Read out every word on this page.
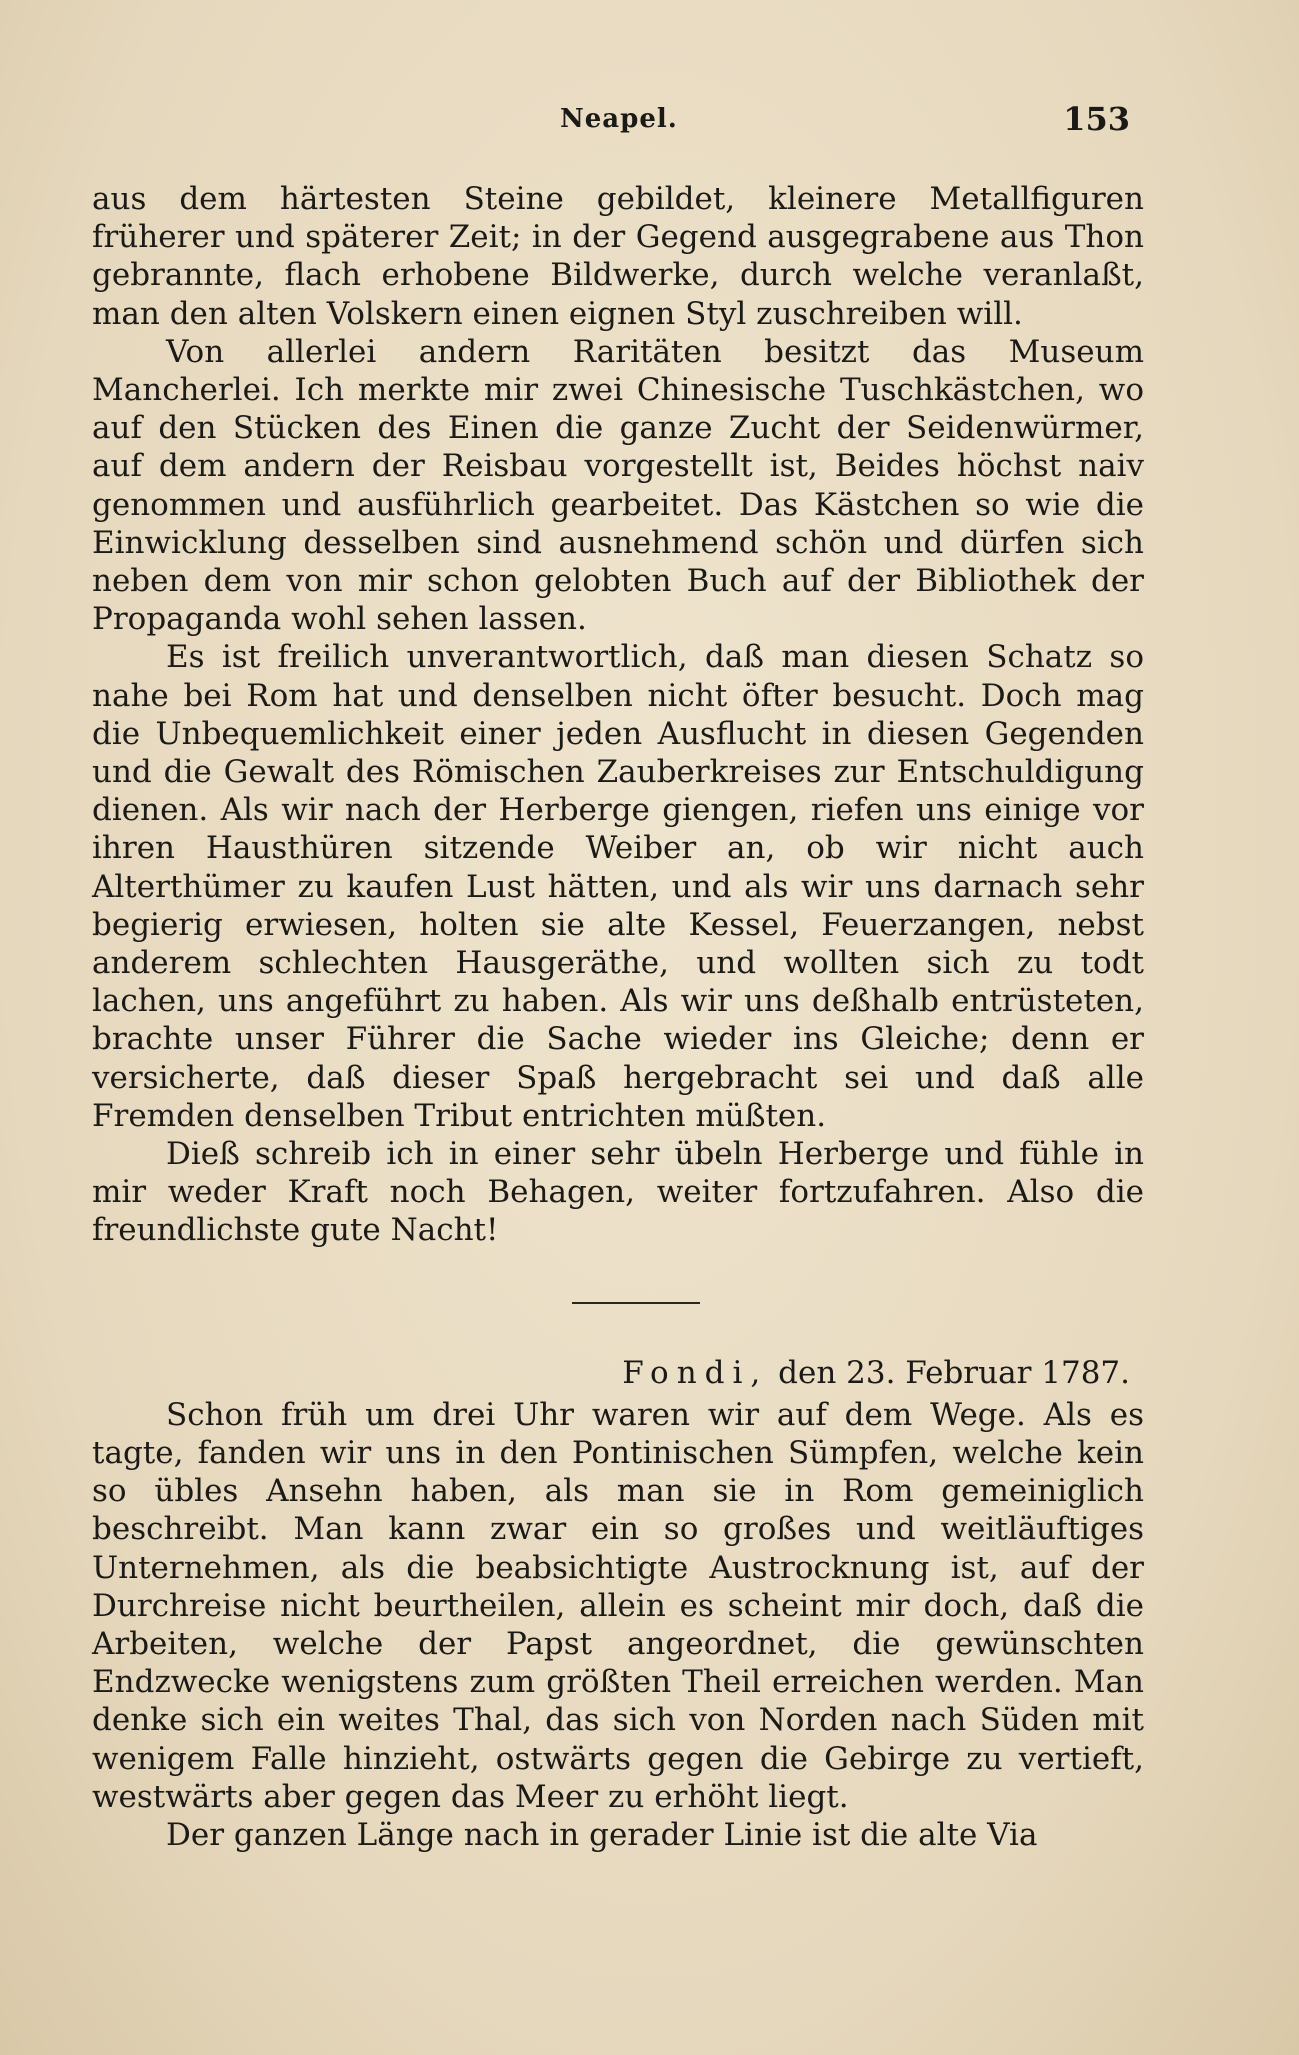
Neapel.	153

aus dem härtesten Steine gebildet, kleinere Metallfiguren früherer und späterer Zeit; in der Gegend ausgegrabene aus Thon gebrannte, flach erhobene Bildwerke, durch welche veranlaßt, man den alten Volskern einen eignen Styl zuschreiben will.

Von allerlei andern Raritäten besitzt das Museum Mancherlei. Ich merkte mir zwei Chinesische Tuschkästchen, wo auf den Stücken des Einen die ganze Zucht der Seidenwürmer, auf dem andern der Reisbau vorgestellt ist, Beides höchst naiv genommen und ausführlich gearbeitet. Das Kästchen so wie die Einwicklung desselben sind ausnehmend schön und dürfen sich neben dem von mir schon gelobten Buch auf der Bibliothek der Propaganda wohl sehen lassen.

Es ist freilich unverantwortlich, daß man diesen Schatz so nahe bei Rom hat und denselben nicht öfter besucht. Doch mag die Unbequemlichkeit einer jeden Ausflucht in diesen Gegenden und die Gewalt des Römischen Zauberkreises zur Entschuldigung dienen. Als wir nach der Herberge giengen, riefen uns einige vor ihren Hausthüren sitzende Weiber an, ob wir nicht auch Alterthümer zu kaufen Lust hätten, und als wir uns darnach sehr begierig erwiesen, holten sie alte Kessel, Feuerzangen, nebst anderem schlechten Hausgeräthe, und wollten sich zu todt lachen, uns angeführt zu haben. Als wir uns deßhalb entrüsteten, brachte unser Führer die Sache wieder ins Gleiche; denn er versicherte, daß dieser Spaß hergebracht sei und daß alle Fremden denselben Tribut entrichten müßten.

Dieß schreib ich in einer sehr übeln Herberge und fühle in mir weder Kraft noch Behagen, weiter fortzufahren. Also die freundlichste gute Nacht!

Fondi, den 23. Februar 1787.

Schon früh um drei Uhr waren wir auf dem Wege. Als es tagte, fanden wir uns in den Pontinischen Sümpfen, welche kein so übles Ansehn haben, als man sie in Rom gemeiniglich beschreibt. Man kann zwar ein so großes und weitläuftiges Unternehmen, als die beabsichtigte Austrocknung ist, auf der Durchreise nicht beurtheilen, allein es scheint mir doch, daß die Arbeiten, welche der Papst angeordnet, die gewünschten Endzwecke wenigstens zum größten Theil erreichen werden. Man denke sich ein weites Thal, das sich von Norden nach Süden mit wenigem Falle hinzieht, ostwärts gegen die Gebirge zu vertieft, westwärts aber gegen das Meer zu erhöht liegt.

Der ganzen Länge nach in gerader Linie ist die alte Via
